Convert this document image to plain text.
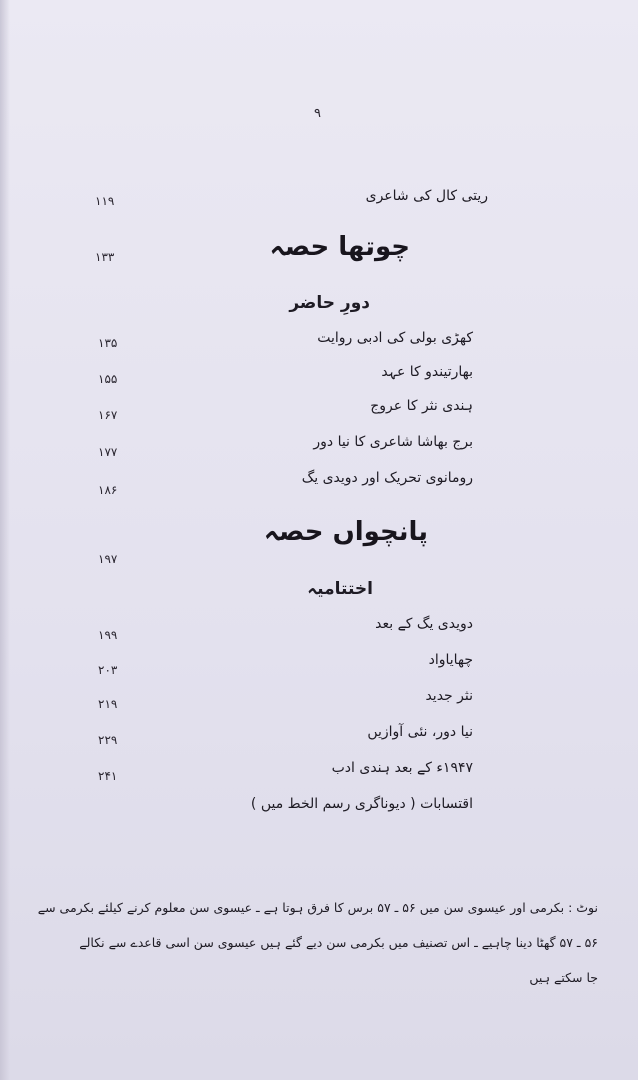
۹
ریتی کال کی شاعری
۱۱۹
چوتھا حصہ
۱۳۳
دورِ حاضر
کھڑی بولی کی ادبی روایت
۱۳۵
بھارتیندو کا عہد
۱۵۵
ہندی نثر کا عروج
۱۶۷
برج بھاشا شاعری کا نیا دور
۱۷۷
رومانوی تحریک اور دویدی یگ
۱۸۶
پانچواں حصہ
۱۹۷
اختتامیہ
دویدی یگ کے بعد
۱۹۹
چھایاواد
۲۰۳
نثر جدید
۲۱۹
نیا دور، نئی آوازیں
۲۲۹
۱۹۴۷ء کے بعد ہندی ادب
۲۴۱
اقتسابات ( دیوناگری رسم الخط میں )
نوٹ : بکرمی اور عیسوی سن میں ۵۶ ـ ۵۷ برس کا فرق ہوتا ہے ـ عیسوی سن معلوم کرنے کیلئے بکرمی سے
۵۶ ـ ۵۷ گھٹا دینا چاہیے ـ اس تصنیف میں بکرمی سن دیے گئے ہیں عیسوی سن اسی قاعدے سے نکالے
جا سکتے ہیں
